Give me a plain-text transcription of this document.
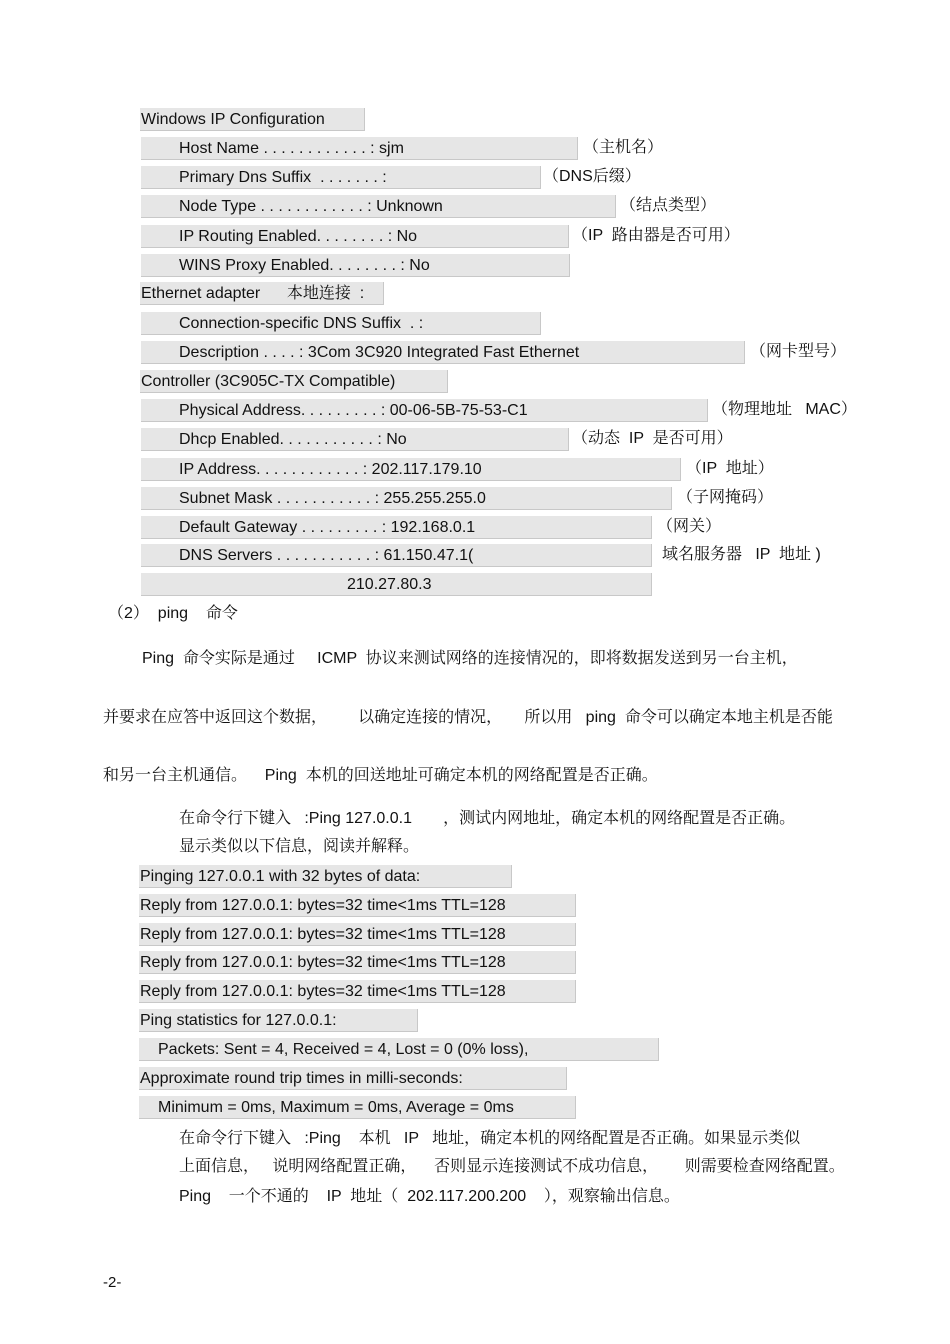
Windows IP Configuration
Host Name . . . . . . . . . . . . : sjm	（主机名）
Primary Dns Suffix  . . . . . . . :	（DNS后缀）
Node Type . . . . . . . . . . . . : Unknown	（结点类型）
IP Routing Enabled. . . . . . . . : No	（IP  路由器是否可用）
WINS Proxy Enabled. . . . . . . . : No
Ethernet adapter      本地连接  :
Connection-specific DNS Suffix  . :
Description . . . . : 3Com 3C920 Integrated Fast Ethernet	（网卡型号）
Controller (3C905C-TX Compatible)
Physical Address. . . . . . . . . : 00-06-5B-75-53-C1	（物理地址   MAC）
Dhcp Enabled. . . . . . . . . . . : No	（动态  IP  是否可用）
IP Address. . . . . . . . . . . . : 202.117.179.10	（IP  地址）
Subnet Mask . . . . . . . . . . . : 255.255.255.0	（子网掩码）
Default Gateway . . . . . . . . . : 192.168.0.1	（网关）
DNS Servers . . . . . . . . . . . : 61.150.47.1(	域名服务器   IP  地址 )
210.27.80.3
（2）  ping    命令
Ping  命令实际是通过     ICMP  协议来测试网络的连接情况的，即将数据发送到另一台主机，
并要求在应答中返回这个数据，       以确定连接的情况，     所以用   ping  命令可以确定本地主机是否能
和另一台主机通信。    Ping  本机的回送地址可确定本机的网络配置是否正确。
在命令行下键入   :Ping 127.0.0.1       ，测试内网地址，确定本机的网络配置是否正确。
显示类似以下信息，阅读并解释。
Pinging 127.0.0.1 with 32 bytes of data:
Reply from 127.0.0.1: bytes=32 time<1ms TTL=128
Reply from 127.0.0.1: bytes=32 time<1ms TTL=128
Reply from 127.0.0.1: bytes=32 time<1ms TTL=128
Reply from 127.0.0.1: bytes=32 time<1ms TTL=128
Ping statistics for 127.0.0.1:
Packets: Sent = 4, Received = 4, Lost = 0 (0% loss),
Approximate round trip times in milli-seconds:
Minimum = 0ms, Maximum = 0ms, Average = 0ms
在命令行下键入   :Ping    本机   IP   地址，确定本机的网络配置是否正确。如果显示类似
上面信息，   说明网络配置正确，    否则显示连接测试不成功信息，      则需要检查网络配置。
Ping    一个不通的    IP  地址（  202.117.200.200    ），观察输出信息。
-2-
